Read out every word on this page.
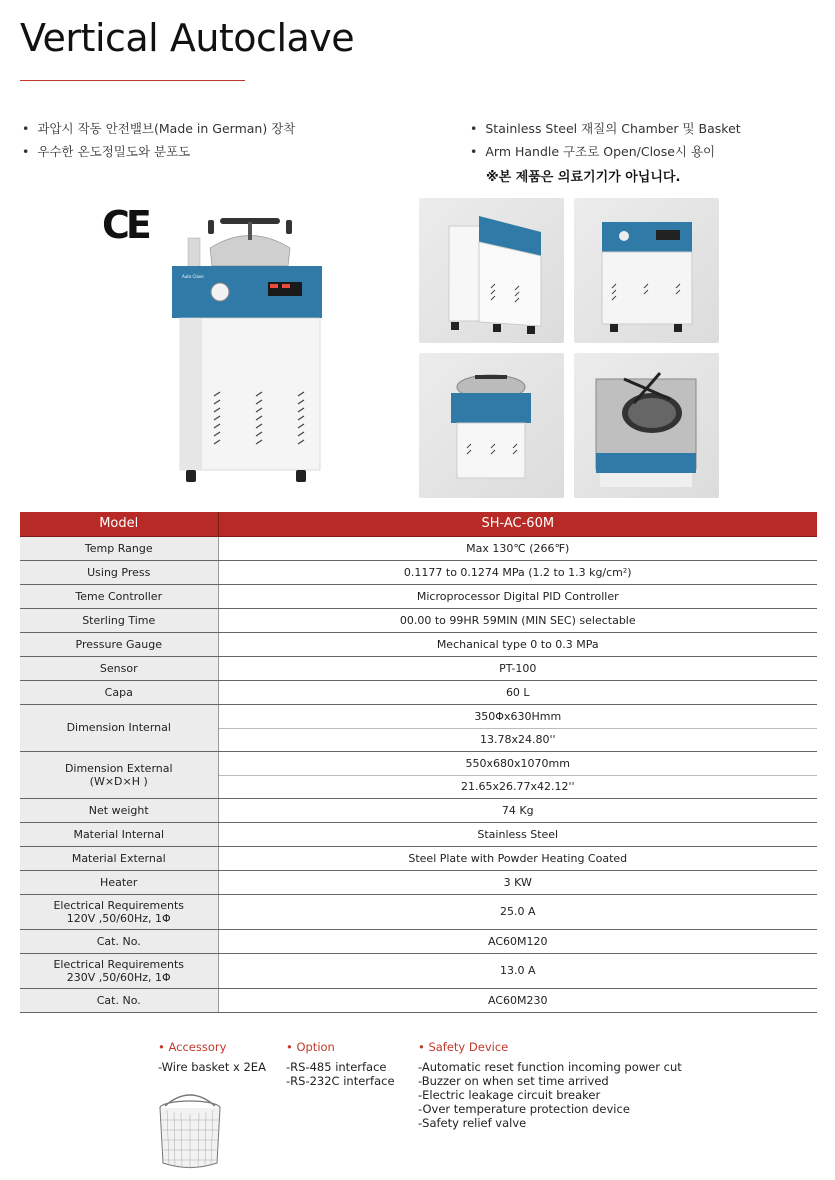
Vertical Autoclave
• 과압시 작동 안전밸브(Made in German) 장착
• 우수한 온도정밀도와 분포도
• Stainless Steel 재질의 Chamber 및 Basket
• Arm Handle 구조로 Open/Close시 용이
※본 제품은 의료기기가 아닙니다.
CE
Auto Clave
Model	SH-AC-60M
Temp Range	Max 130℃ (266℉)
Using Press	0.1177 to 0.1274 MPa (1.2 to 1.3 kg/cm²)
Teme Controller	Microprocessor Digital PID Controller
Sterling Time	00.00 to 99HR 59MIN (MIN SEC) selectable
Pressure Gauge	Mechanical type 0 to 0.3 MPa
Sensor	PT-100
Capa	60 L
Dimension Internal	350Φx630Hmm
	13.78x24.80''

Dimension External
(W×D×H )	550x680x1070mm
	21.65x26.77x42.12''
Net weight	74 Kg
Material Internal	Stainless Steel
Material External	Steel Plate with Powder Heating Coated
Heater	3 KW

Electrical Requirements
120V ,50/60Hz, 1Φ	25.0 A
Cat. No.	AC60M120

Electrical Requirements
230V ,50/60Hz, 1Φ	13.0 A
Cat. No.	AC60M230
• Accessory
-Wire basket x 2EA
• Option
-RS-485 interface
-RS-232C interface
• Safety Device
-Automatic reset function incoming power cut
-Buzzer on when set time arrived
-Electric leakage circuit breaker
-Over temperature protection device
-Safety relief valve
